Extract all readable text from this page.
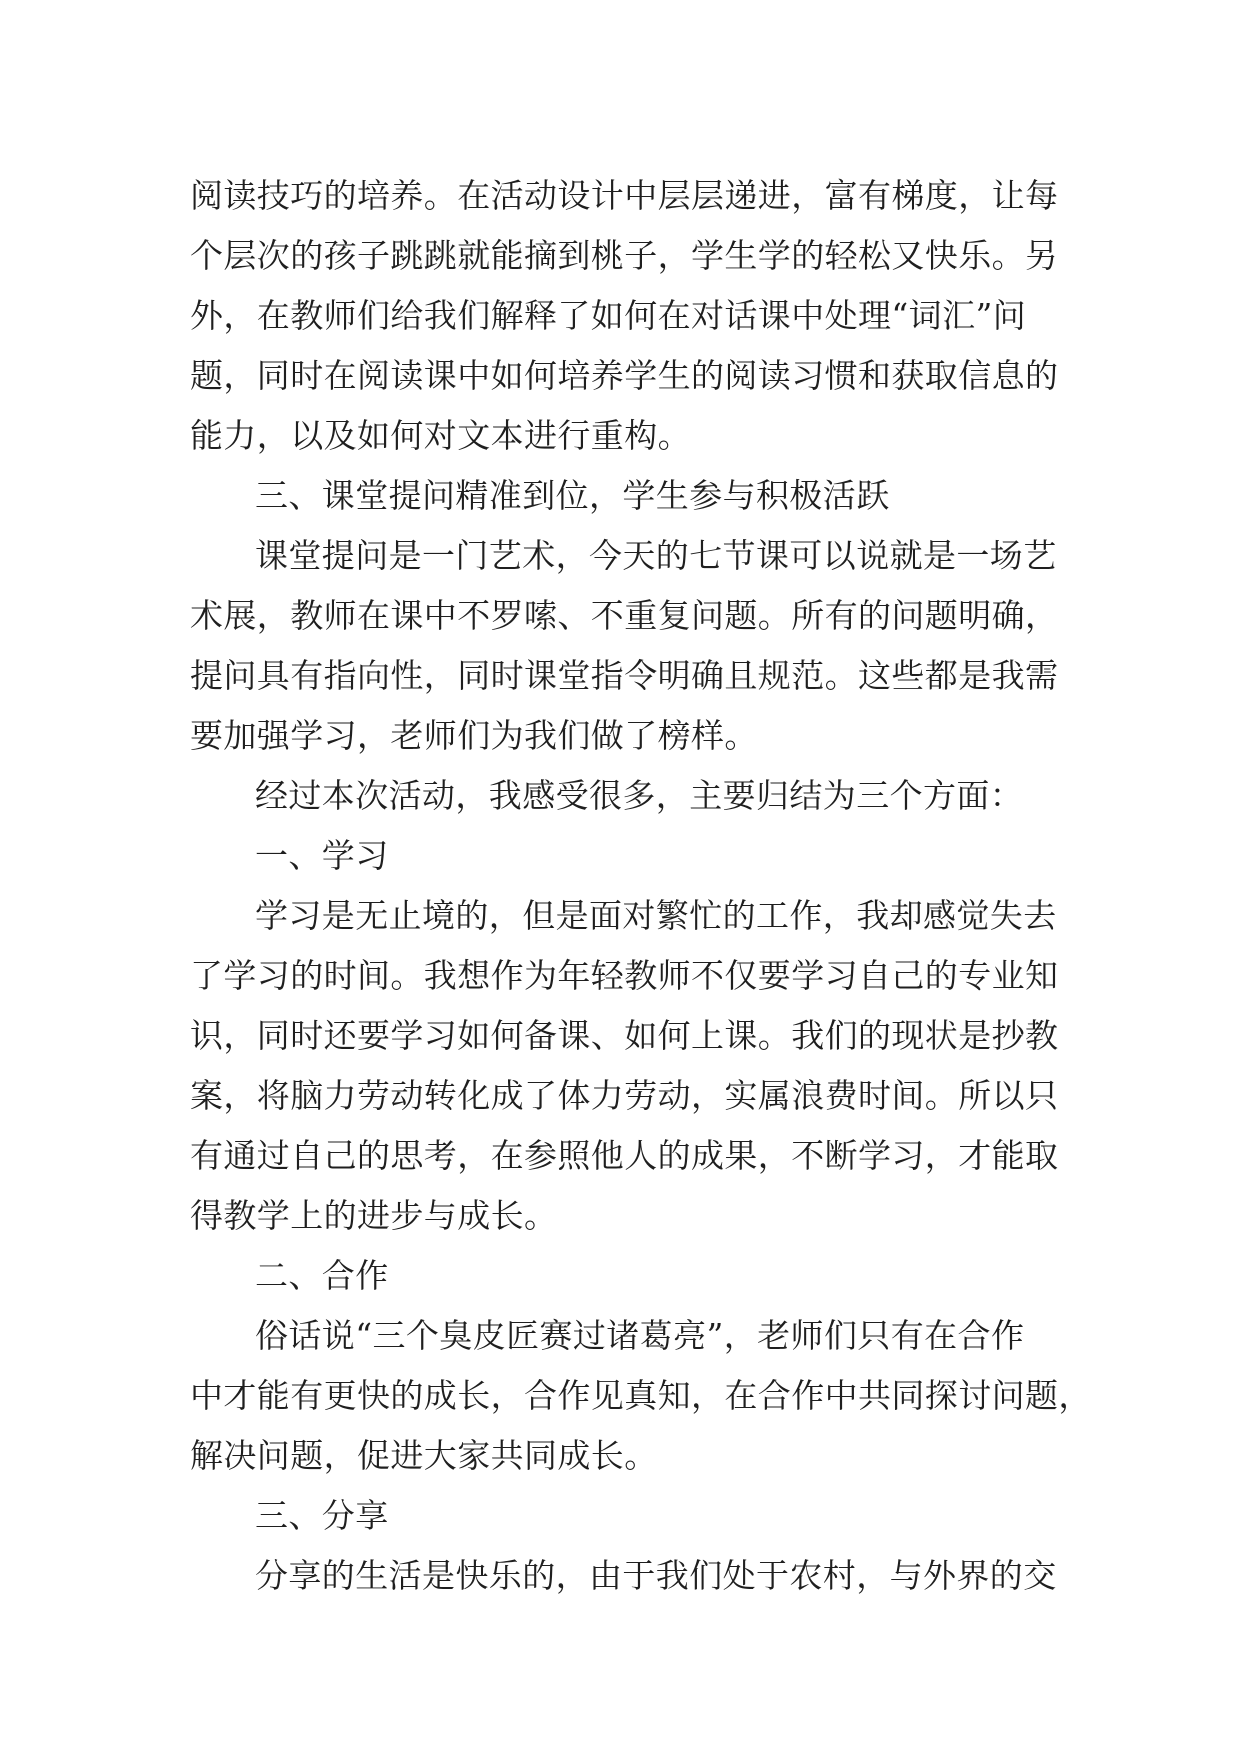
阅读技巧的培养。在活动设计中层层递进，富有梯度，让每

个层次的孩子跳跳就能摘到桃子，学生学的轻松又快乐。另

外，在教师们给我们解释了如何在对话课中处理“词汇”问

题，同时在阅读课中如何培养学生的阅读习惯和获取信息的

能力，以及如何对文本进行重构。

三、课堂提问精准到位，学生参与积极活跃

课堂提问是一门艺术，今天的七节课可以说就是一场艺

术展，教师在课中不罗嗦、不重复问题。所有的问题明确，

提问具有指向性，同时课堂指令明确且规范。这些都是我需

要加强学习，老师们为我们做了榜样。

经过本次活动，我感受很多，主要归结为三个方面：

一、学习

学习是无止境的，但是面对繁忙的工作，我却感觉失去

了学习的时间。我想作为年轻教师不仅要学习自己的专业知

识，同时还要学习如何备课、如何上课。我们的现状是抄教

案，将脑力劳动转化成了体力劳动，实属浪费时间。所以只

有通过自己的思考，在参照他人的成果，不断学习，才能取

得教学上的进步与成长。

二、合作

俗话说“三个臭皮匠赛过诸葛亮”，老师们只有在合作

中才能有更快的成长，合作见真知，在合作中共同探讨问题，

解决问题，促进大家共同成长。

三、分享

分享的生活是快乐的，由于我们处于农村，与外界的交
